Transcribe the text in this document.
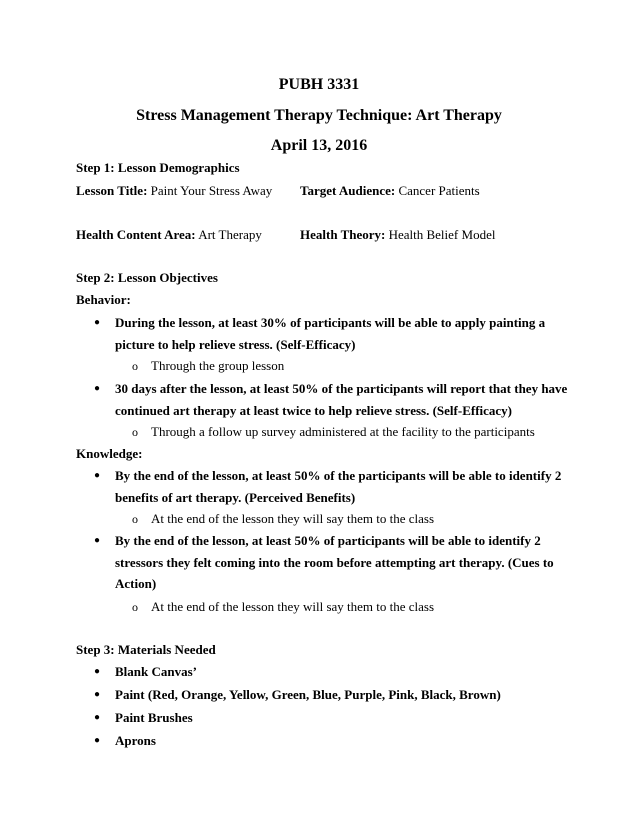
PUBH 3331
Stress Management Therapy Technique: Art Therapy
April 13, 2016
Step 1: Lesson Demographics
Lesson Title: Paint Your Stress Away Target Audience: Cancer Patients
Health Content Area: Art Therapy	Health Theory: Health Belief Model
Step 2: Lesson Objectives
Behavior:
● During the lesson, at least 30% of participants will be able to apply painting a
picture to help relieve stress. (Self-Efficacy)
o Through the group lesson
● 30 days after the lesson, at least 50% of the participants will report that they have
continued art therapy at least twice to help relieve stress. (Self-Efficacy)
o Through a follow up survey administered at the facility to the participants
Knowledge:
● By the end of the lesson, at least 50% of the participants will be able to identify 2
benefits of art therapy. (Perceived Benefits)
o At the end of the lesson they will say them to the class
● By the end of the lesson, at least 50% of participants will be able to identify 2
stressors they felt coming into the room before attempting art therapy. (Cues to
Action)
o At the end of the lesson they will say them to the class
Step 3: Materials Needed
● Blank Canvas’
● Paint (Red, Orange, Yellow, Green, Blue, Purple, Pink, Black, Brown)
● Paint Brushes
● Aprons
